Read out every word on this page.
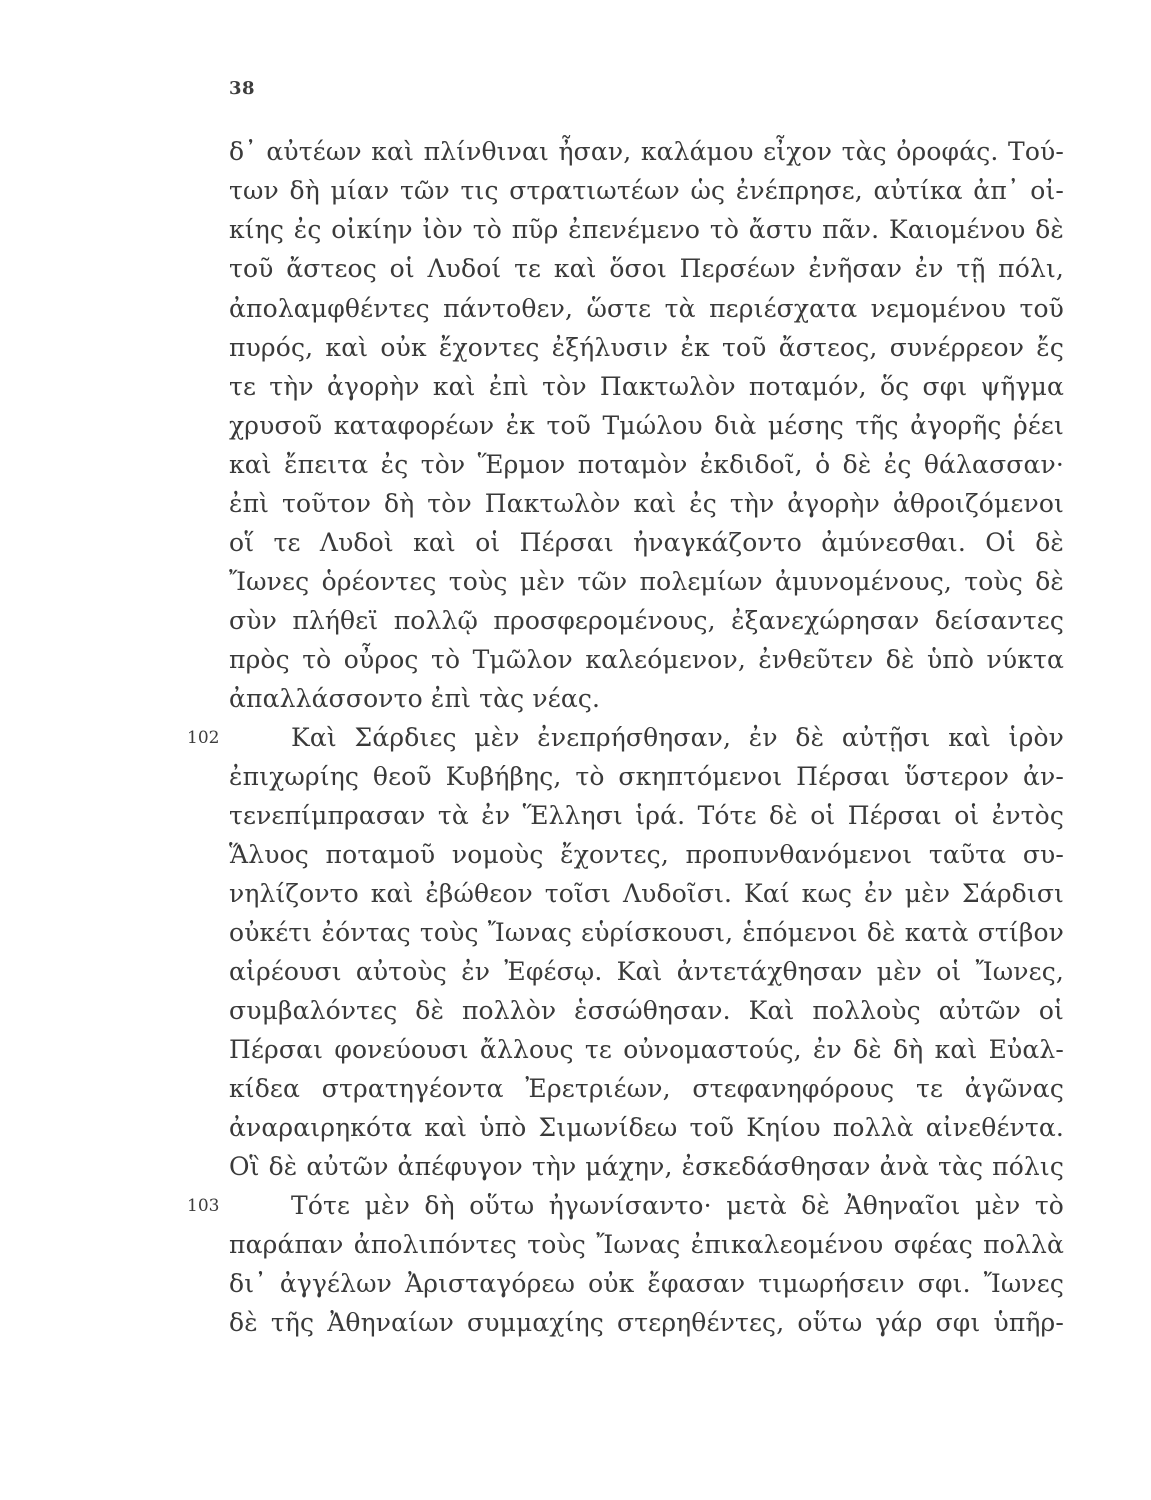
38
δ᾽ αὐτέων καὶ πλίνθιναι ἦσαν, καλάμου εἶχον τὰς ὀροφάς. Τού-
των δὴ μίαν τῶν τις στρατιωτέων ὡς ἐνέπρησε, αὐτίκα ἀπ᾽ οἰ-
κίης ἐς οἰκίην ἰὸν τὸ πῦρ ἐπενέμενο τὸ ἄστυ πᾶν. Καιομένου δὲ
τοῦ ἄστεος οἱ Λυδοί τε καὶ ὅσοι Περσέων ἐνῆσαν ἐν τῇ πόλι,
ἀπολαμφθέντες πάντοθεν, ὥστε τὰ περιέσχατα νεμομένου τοῦ
πυρός, καὶ οὐκ ἔχοντες ἐξήλυσιν ἐκ τοῦ ἄστεος, συνέρρεον ἔς
τε τὴν ἀγορὴν καὶ ἐπὶ τὸν Πακτωλὸν ποταμόν, ὅς σφι ψῆγμα
χρυσοῦ καταφορέων ἐκ τοῦ Τμώλου διὰ μέσης τῆς ἀγορῆς ῥέει
καὶ ἔπειτα ἐς τὸν Ἕρμον ποταμὸν ἐκδιδοῖ, ὁ δὲ ἐς θάλασσαν·
ἐπὶ τοῦτον δὴ τὸν Πακτωλὸν καὶ ἐς τὴν ἀγορὴν ἀθροιζόμενοι
οἵ τε Λυδοὶ καὶ οἱ Πέρσαι ἠναγκάζοντο ἀμύνεσθαι. Οἱ δὲ
Ἴωνες ὁρέοντες τοὺς μὲν τῶν πολεμίων ἀμυνομένους, τοὺς δὲ
σὺν πλήθεϊ πολλῷ προσφερομένους, ἐξανεχώρησαν δείσαντες
πρὸς τὸ οὖρος τὸ Τμῶλον καλεόμενον, ἐνθεῦτεν δὲ ὑπὸ νύκτα
ἀπαλλάσσοντο ἐπὶ τὰς νέας.
102	Καὶ Σάρδιες μὲν ἐνεπρήσθησαν, ἐν δὲ αὐτῇσι καὶ ἱρὸν
ἐπιχωρίης θεοῦ Κυβήβης, τὸ σκηπτόμενοι Πέρσαι ὕστερον ἀν-
τενεπίμπρασαν τὰ ἐν Ἕλλησι ἱρά. Τότε δὲ οἱ Πέρσαι οἱ ἐντὸς
Ἅλυος ποταμοῦ νομοὺς ἔχοντες, προπυνθανόμενοι ταῦτα συ-
νηλίζοντο καὶ ἐβώθεον τοῖσι Λυδοῖσι. Καί κως ἐν μὲν Σάρδισι
οὐκέτι ἐόντας τοὺς Ἴωνας εὑρίσκουσι, ἑπόμενοι δὲ κατὰ στίβον
αἱρέουσι αὐτοὺς ἐν Ἐφέσῳ. Καὶ ἀντετάχθησαν μὲν οἱ Ἴωνες,
συμβαλόντες δὲ πολλὸν ἑσσώθησαν. Καὶ πολλοὺς αὐτῶν οἱ
Πέρσαι φονεύουσι ἄλλους τε οὐνομαστούς, ἐν δὲ δὴ καὶ Εὐαλ-
κίδεα στρατηγέοντα Ἐρετριέων, στεφανηφόρους τε ἀγῶνας
ἀναραιρηκότα καὶ ὑπὸ Σιμωνίδεω τοῦ Κηίου πολλὰ αἰνεθέντα.
Οἳ δὲ αὐτῶν ἀπέφυγον τὴν μάχην, ἐσκεδάσθησαν ἀνὰ τὰς πόλις
103	Τότε μὲν δὴ οὕτω ἠγωνίσαντο· μετὰ δὲ Ἀθηναῖοι μὲν τὸ
παράπαν ἀπολιπόντες τοὺς Ἴωνας ἐπικαλεομένου σφέας πολλὰ
δι᾽ ἀγγέλων Ἀρισταγόρεω οὐκ ἔφασαν τιμωρήσειν σφι. Ἴωνες
δὲ τῆς Ἀθηναίων συμμαχίης στερηθέντες, οὕτω γάρ σφι ὑπῆρ-
